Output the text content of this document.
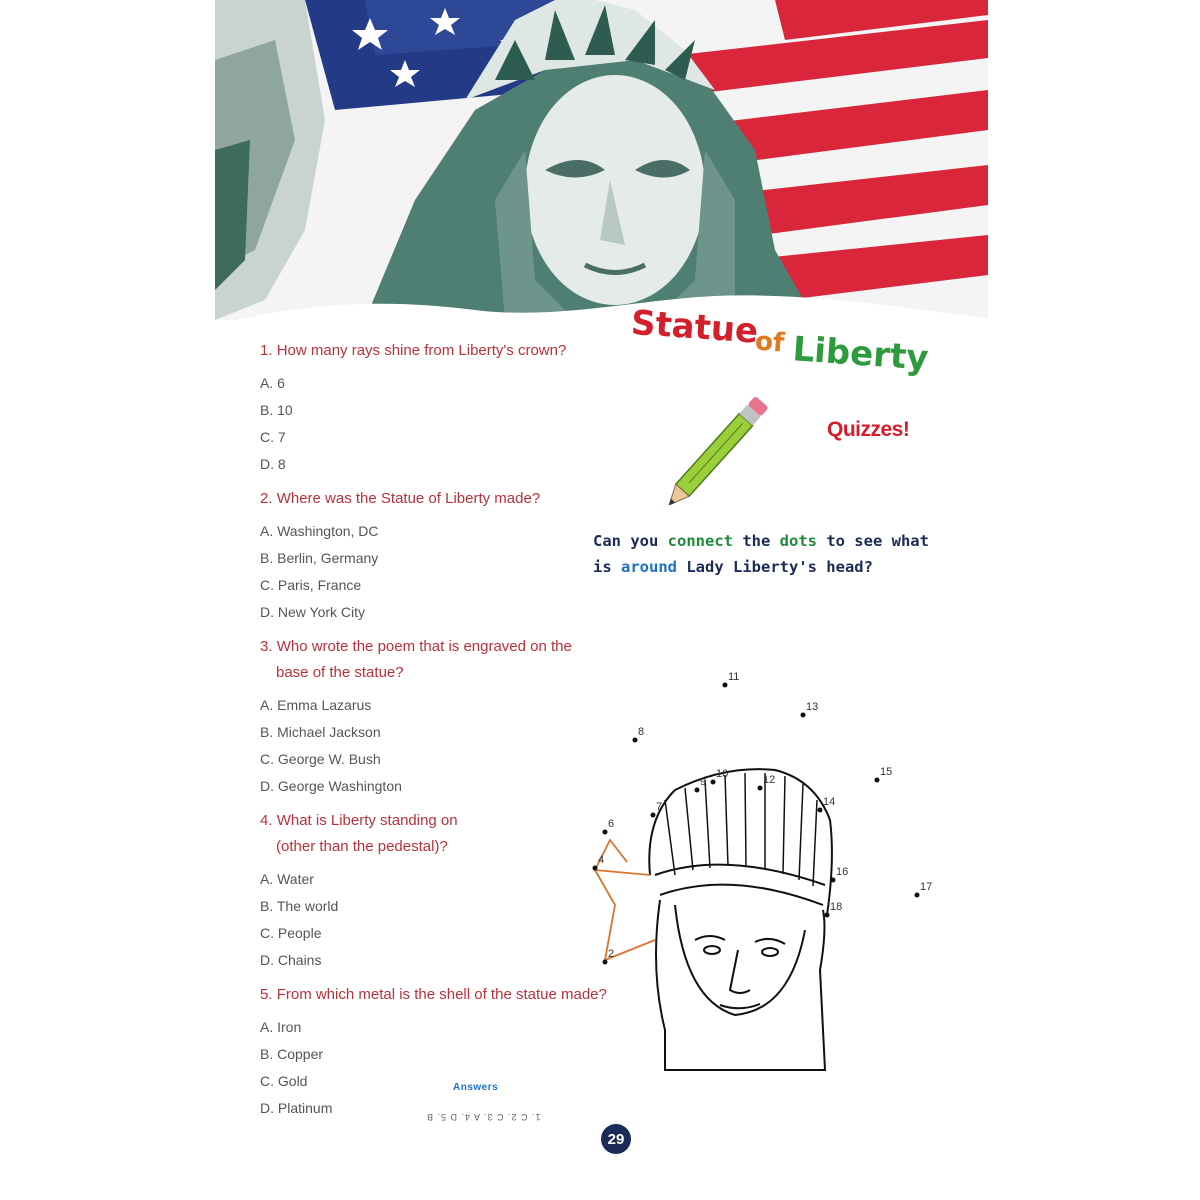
Statue
of Liberty
Quizzes!
Can you connect the dots to see what
is around Lady Liberty's head?

1. How many rays shine from Liberty's crown?

A. 6

B. 10

C. 7

D. 8

2. Where was the Statue of Liberty made?

A. Washington, DC

B. Berlin, Germany

C. Paris, France

D. New York City

3. Who wrote the poem that is engraved on the
base of the statue?

A. Emma Lazarus

B. Michael Jackson

C. George W. Bush

D. George Washington

4. What is Liberty standing on
(other than the pedestal)?

A. Water

B. The world

C. People

D. Chains

5. From which metal is the shell of the statue made?

A. Iron

B. Copper

C. Gold

D. Platinum

Answers
1. C 2. C 3. A 4. D 5. B
29
2
4
6
7
8
9
10
11
12
13
14
15
16
17
18
